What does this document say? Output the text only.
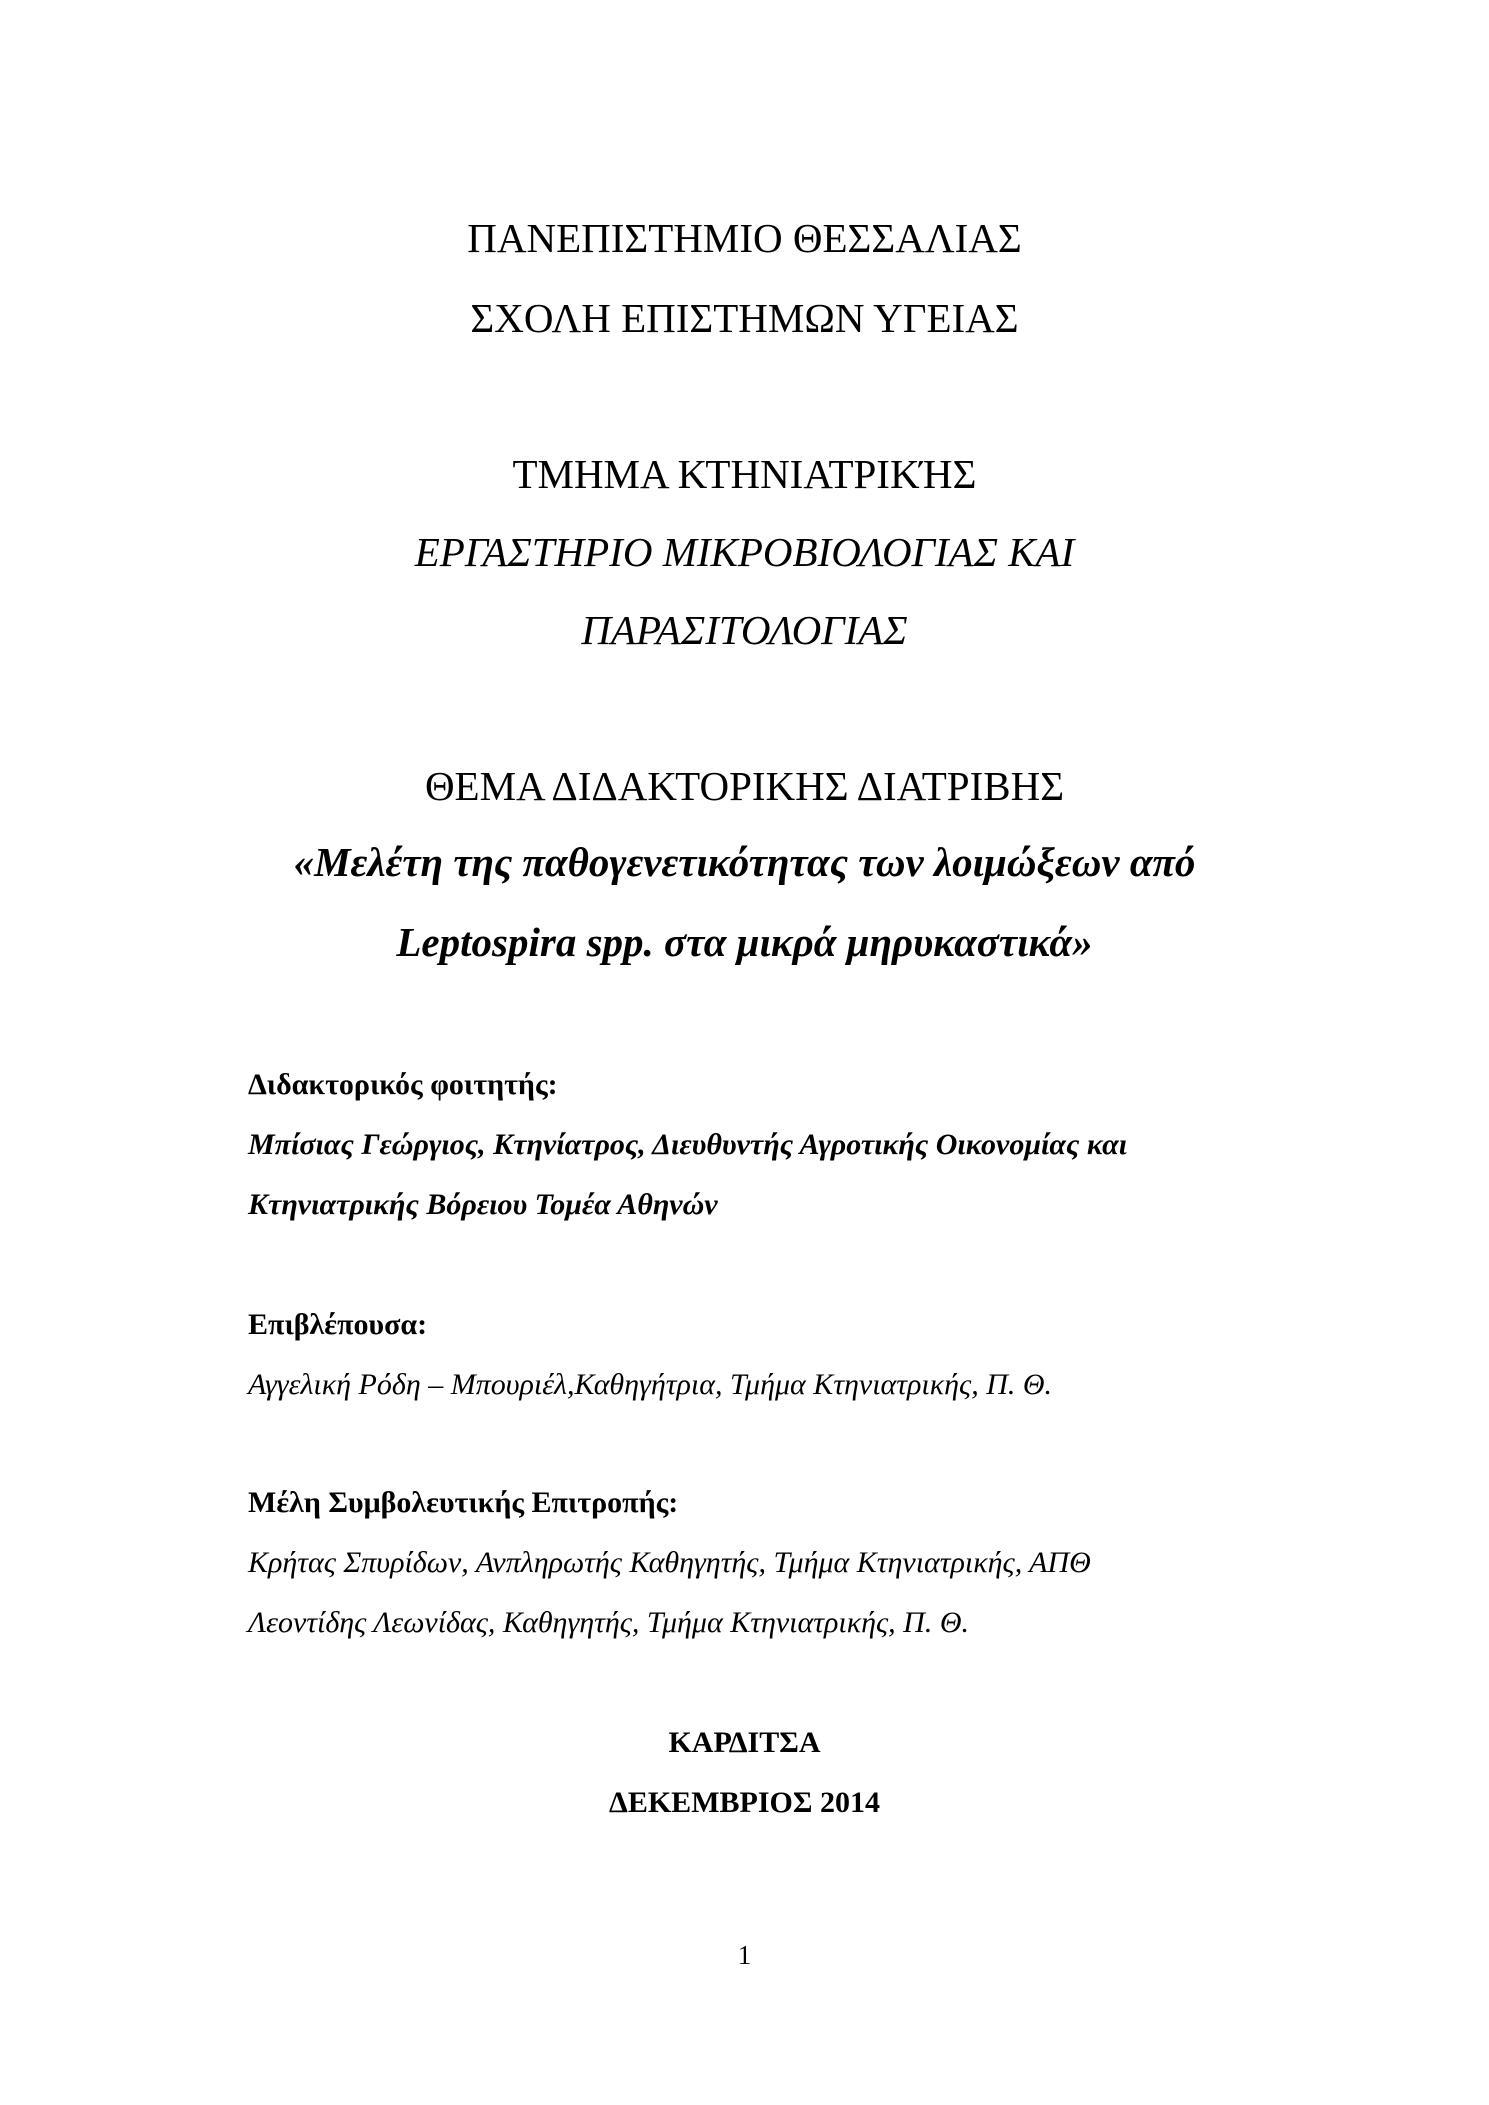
ΠΑΝΕΠΙΣΤΗΜΙΟ ΘΕΣΣΑΛΙΑΣ
ΣΧΟΛΗ ΕΠΙΣΤΗΜΩΝ ΥΓΕΙΑΣ
ΤΜΗΜΑ ΚΤΗΝΙΑΤΡΙΚΉΣ
ΕΡΓΑΣΤΗΡΙΟ ΜΙΚΡΟΒΙΟΛΟΓΙΑΣ ΚΑΙ
ΠΑΡΑΣΙΤΟΛΟΓΙΑΣ
ΘΕΜΑ ΔΙΔΑΚΤΟΡΙΚΗΣ ΔΙΑΤΡΙΒΗΣ
«Μελέτη της παθογενετικότητας των λοιμώξεων από
Leptospira spp. στα μικρά μηρυκαστικά»
Διδακτορικός φοιτητής:
Μπίσιας Γεώργιος, Κτηνίατρος, Διευθυντής Αγροτικής Οικονομίας και
Κτηνιατρικής Βόρειου Τομέα Αθηνών
Επιβλέπουσα:
Αγγελική Ρόδη – Μπουριέλ,Καθηγήτρια, Τμήμα Κτηνιατρικής, Π. Θ.
Μέλη Συμβολευτικής Επιτροπής:
Κρήτας Σπυρίδων, Ανπληρωτής Καθηγητής, Τμήμα Κτηνιατρικής, ΑΠΘ
Λεοντίδης Λεωνίδας, Καθηγητής, Τμήμα Κτηνιατρικής, Π. Θ.
ΚΑΡΔΙΤΣΑ
ΔΕΚΕΜΒΡΙΟΣ 2014
1
